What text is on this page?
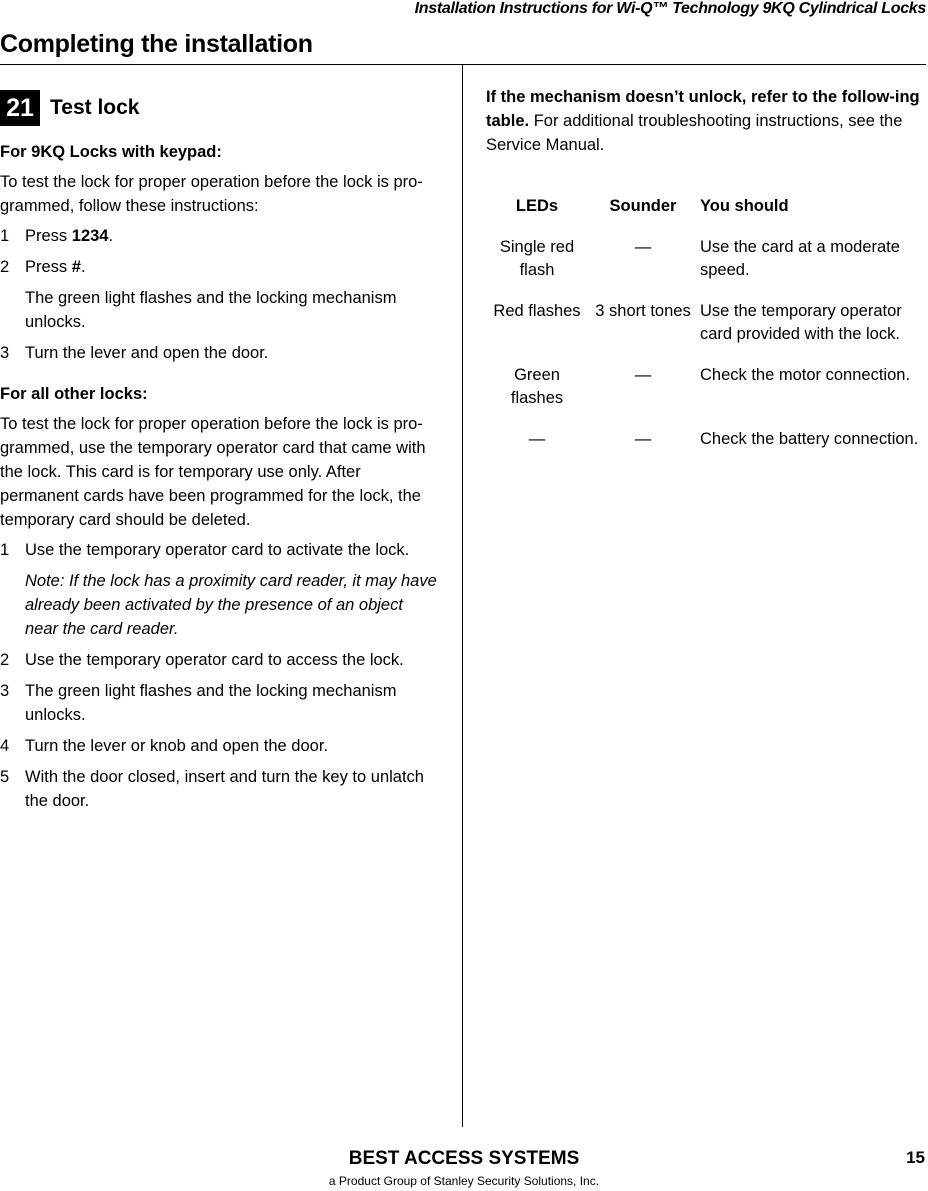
Installation Instructions for Wi-Q™ Technology 9KQ Cylindrical Locks
Completing the installation
21 Test lock

For 9KQ Locks with keypad:

To test the lock for proper operation before the lock is pro-grammed, follow these instructions:

1 Press 1234.
2 Press #.

The green light flashes and the locking mechanism unlocks.

3 Turn the lever and open the door.

For all other locks:

To test the lock for proper operation before the lock is pro-grammed, use the temporary operator card that came with the lock. This card is for temporary use only. After permanent cards have been programmed for the lock, the temporary card should be deleted.

1 Use the temporary operator card to activate the lock.

Note: If the lock has a proximity card reader, it may have already been activated by the presence of an object near the card reader.

2 Use the temporary operator card to access the lock.
3 The green light flashes and the locking mechanism unlocks.
4 Turn the lever or knob and open the door.
5 With the door closed, insert and turn the key to unlatch the door.

If the mechanism doesn’t unlock, refer to the follow-ing table. For additional troubleshooting instructions, see the Service Manual.

LEDs	Sounder	You should
Single red flash	—	Use the card at a moderate speed.
Red flashes	3 short tones	Use the temporary operator card provided with the lock.
Green flashes	—	Check the motor connection.
—	—	Check the battery connection.
BEST ACCESS SYSTEMS
a Product Group of Stanley Security Solutions, Inc.
15
